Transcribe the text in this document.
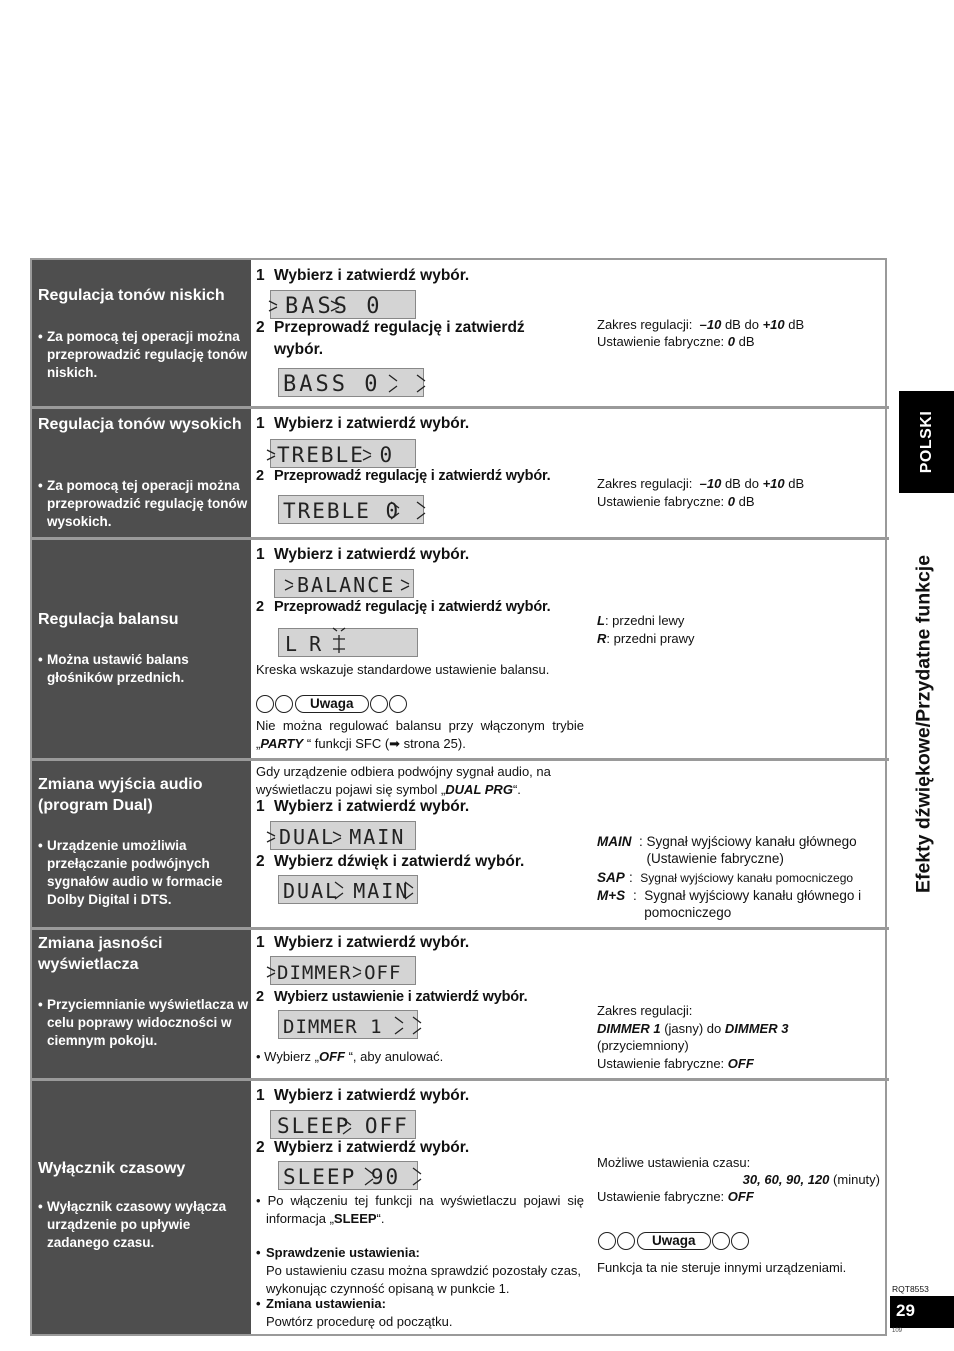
POLSKI
Efekty dźwiękowe/Przydatne funkcje
Regulacja tonów niskich
• Za pomocą tej operacji można przeprowadzić regulację tonów niskich.
1 Wybierz i zatwierdź wybór.
BASS 0
2 Przeprowadź regulację i zatwierdź wybór.
BASS 0
Zakres regulacji: –10 dB do +10 dB
Ustawienie fabryczne: 0 dB
Regulacja tonów wysokich
• Za pomocą tej operacji można przeprowadzić regulację tonów wysokich.
1 Wybierz i zatwierdź wybór.
TREBLE 0
2 Przeprowadź regulację i zatwierdź wybór.
TREBLE 0
Zakres regulacji: –10 dB do +10 dB
Ustawienie fabryczne: 0 dB
Regulacja balansu
• Można ustawić balans głośników przednich.
1 Wybierz i zatwierdź wybór.
BALANCE
2 Przeprowadź regulację i zatwierdź wybór.
L R
Kreska wskazuje standardowe ustawienie balansu.
Uwaga
Nie można regulować balansu przy włączonym trybie „PARTY “ funkcji SFC (➡ strona 25).
L: przedni lewy
R: przedni prawy
Zmiana wyjścia audio (program Dual)
• Urządzenie umożliwia przełączanie podwójnych sygnałów audio w formacie Dolby Digital i DTS.
Gdy urządzenie odbiera podwójny sygnał audio, na wyświetlaczu pojawi się symbol „DUAL PRG“.
1 Wybierz i zatwierdź wybór.
DUAL MAIN
2 Wybierz dźwięk i zatwierdź wybór.
DUAL MAIN
MAIN : Sygnał wyjściowy kanału głównego (Ustawienie fabryczne)
SAP :  Sygnał wyjściowy kanału pomocniczego
M+S :  Sygnał wyjściowy kanału głównego i pomocniczego
Zmiana jasności wyświetlacza
• Przyciemnianie wyświetlacza w celu poprawy widoczności w ciemnym pokoju.
1 Wybierz i zatwierdź wybór.
DIMMER OFF
2 Wybierz ustawienie i zatwierdź wybór.
DIMMER 1
• Wybierz „OFF “, aby anulować.
Zakres regulacji:
DIMMER 1 (jasny) do DIMMER 3
(przyciemniony)
Ustawienie fabryczne: OFF
Wyłącznik czasowy
• Wyłącznik czasowy wyłącza urządzenie po upływie zadanego czasu.
1 Wybierz i zatwierdź wybór.
SLEEP OFF
2 Wybierz i zatwierdź wybór.
SLEEP 90
• Po włączeniu tej funkcji na wyświetlaczu pojawi się informacja „SLEEP“.
• Sprawdzenie ustawienia:
Po ustawieniu czasu można sprawdzić pozostały czas, wykonując czynność opisaną w punkcie 1.
• Zmiana ustawienia:
Powtórz procedurę od początku.
Możliwe ustawienia czasu:
30, 60, 90, 120 (minuty)
Ustawienie fabryczne: OFF
Uwaga
Funkcja ta nie steruje innymi urządzeniami.
RQT8553
29
109
